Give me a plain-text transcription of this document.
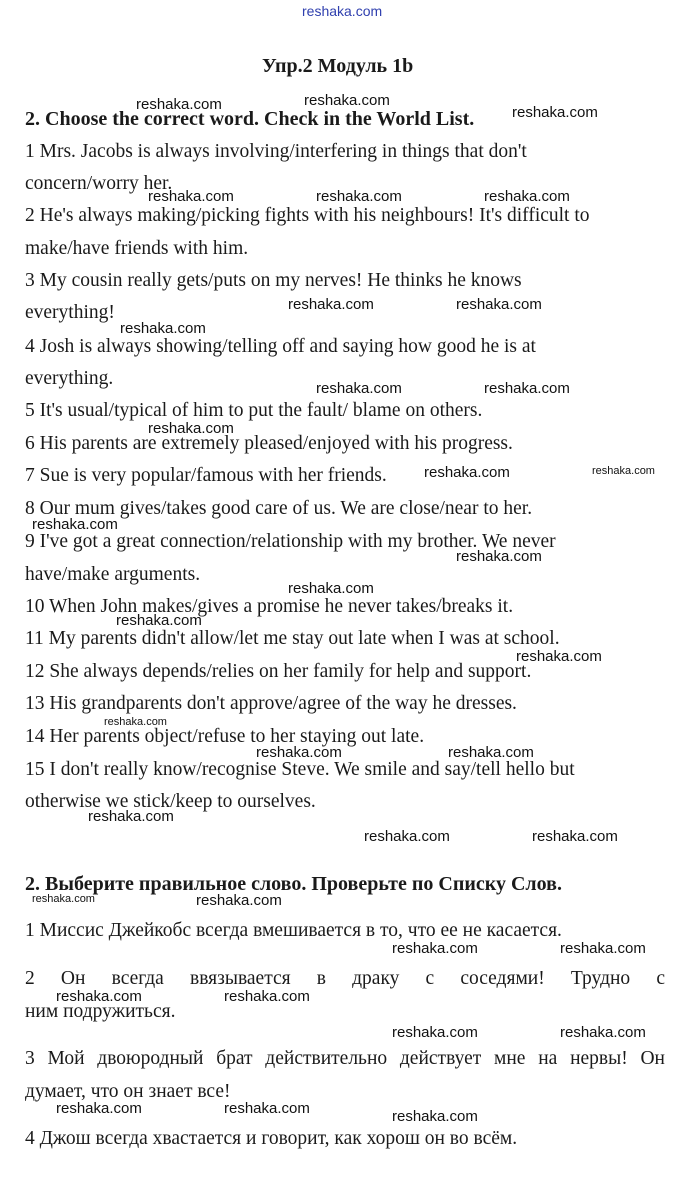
reshaka.com
Упр.2 Модуль 1b
2. Choose the correct word. Check in the World List.
1 Mrs. Jacobs is always involving/interfering in things that don't
concern/worry her.
2 He's always making/picking fights with his neighbours! It's difficult to
make/have friends with him.
3 My cousin really gets/puts on my nerves! He thinks he knows
everything!
4 Josh is always showing/telling off and saying how good he is at
everything.
5 It's usual/typical of him to put the fault/ blame on others.
6 His parents are extremely pleased/enjoyed with his progress.
7 Sue is very popular/famous with her friends.
8 Our mum gives/takes good care of us. We are close/near to her.
9 I've got a great connection/relationship with my brother. We never
have/make arguments.
10 When John makes/gives a promise he never takes/breaks it.
11 My parents didn't allow/let me stay out late when I was at school.
12 She always depends/relies on her family for help and support.
13 His grandparents don't approve/agree of the way he dresses.
14 Her parents object/refuse to her staying out late.
15 I don't really know/recognise Steve. We smile and say/tell hello but
otherwise we stick/keep to ourselves.
2. Выберите правильное слово. Проверьте по Списку Слов.
1 Миссис Джейкобс всегда вмешивается в то, что ее не касается.
2 Он всегда ввязывается в драку с соседями! Трудно с
ним подружиться.
3 Мой двоюродный брат действительно действует мне на нервы! Он
думает, что он знает все!
4 Джош всегда хвастается и говорит, как хорош он во всём.
reshaka.com	reshaka.com
reshaka.com
reshaka.com	reshaka.com	reshaka.com
reshaka.com	reshaka.com
reshaka.com
reshaka.com	reshaka.com
reshaka.com
reshaka.com	reshaka.com
reshaka.com
reshaka.com
reshaka.com
reshaka.com
reshaka.com
reshaka.com
reshaka.com	reshaka.com
reshaka.com
reshaka.com	reshaka.com
reshaka.com	reshaka.com
reshaka.com	reshaka.com
reshaka.com	reshaka.com
reshaka.com	reshaka.com
reshaka.com	reshaka.com	reshaka.com
